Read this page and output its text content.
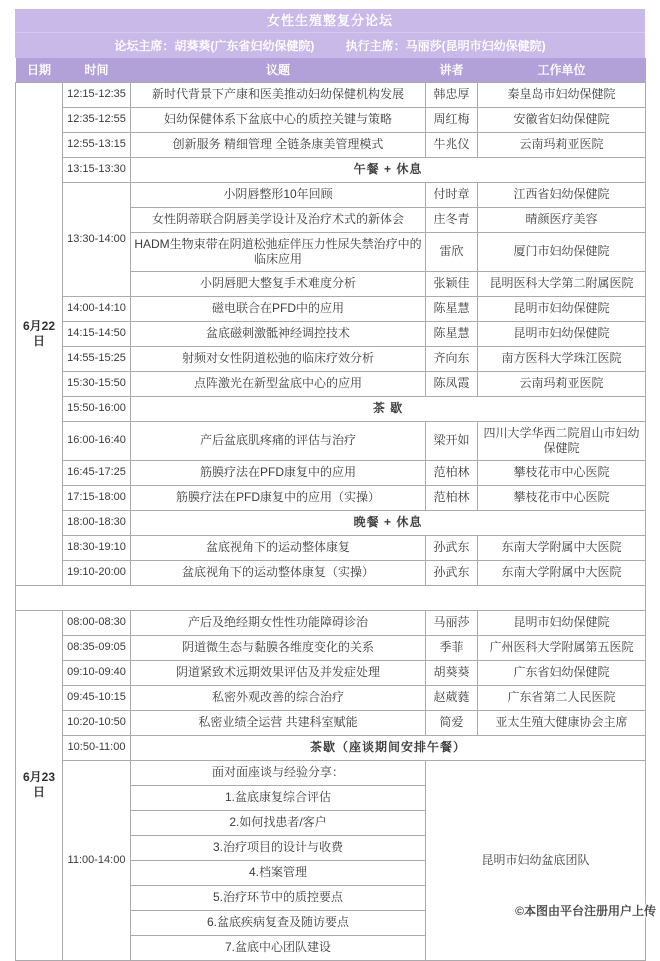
女性生殖整复分论坛
论坛主席：胡葵葵(广东省妇幼保健院)	执行主席：马丽莎(昆明市妇幼保健院)
日期	时间	议题	讲者	工作单位
6月22日	12:15-12:35	新时代背景下产康和医美推动妇幼保健机构发展	韩忠厚	秦皇岛市妇幼保健院
	12:35-12:55	妇幼保健体系下盆底中心的质控关键与策略	周红梅	安徽省妇幼保健院
	12:55-13:15	创新服务 精细管理 全链条康美管理模式	牛兆仪	云南玛莉亚医院
	13:15-13:30	午餐 + 休息		
	13:30-14:00	小阴唇整形10年回顾	付时章	江西省妇幼保健院
		女性阴蒂联合阴唇美学设计及治疗术式的新体会	庄冬青	晴颜医疗美容
		HADM生物束带在阴道松弛症伴压力性尿失禁治疗中的临床应用	雷欣	厦门市妇幼保健院
		小阴唇肥大整复手术难度分析	张颖佳	昆明医科大学第二附属医院
	14:00-14:10	磁电联合在PFD中的应用	陈星慧	昆明市妇幼保健院
	14:15-14:50	盆底磁刺激骶神经调控技术	陈星慧	昆明市妇幼保健院
	14:55-15:25	射频对女性阴道松弛的临床疗效分析	齐向东	南方医科大学珠江医院
	15:30-15:50	点阵激光在新型盆底中心的应用	陈凤霞	云南玛莉亚医院
	15:50-16:00	茶 歇		
	16:00-16:40	产后盆底肌疼痛的评估与治疗	梁开如	四川大学华西二院眉山市妇幼保健院
	16:45-17:25	筋膜疗法在PFD康复中的应用	范柏林	攀枝花市中心医院
	17:15-18:00	筋膜疗法在PFD康复中的应用（实操）	范柏林	攀枝花市中心医院
	18:00-18:30	晚餐 + 休息		
	18:30-19:10	盆底视角下的运动整体康复	孙武东	东南大学附属中大医院
	19:10-20:00	盆底视角下的运动整体康复（实操）	孙武东	东南大学附属中大医院

6月23日	08:00-08:30	产后及绝经期女性性功能障碍诊治	马丽莎	昆明市妇幼保健院
	08:35-09:05	阴道微生态与黏膜各维度变化的关系	季菲	广州医科大学附属第五医院
	09:10-09:40	阴道紧致术远期效果评估及并发症处理	胡葵葵	广东省妇幼保健院
	09:45-10:15	私密外观改善的综合治疗	赵葳蕤	广东省第二人民医院
	10:20-10:50	私密业绩全运营 共建科室赋能	简爱	亚太生殖大健康协会主席
	10:50-11:00	茶歇（座谈期间安排午餐）		
	11:00-14:00	面对面座谈与经验分享：	昆明市妇幼盆底团队	
		1.盆底康复综合评估		
		2.如何找患者/客户		
		3.治疗项目的设计与收费		
		4.档案管理		
		5.治疗环节中的质控要点		
		6.盆底疾病复查及随访要点		
		7.盆底中心团队建设		
©本图由平台注册用户上传
